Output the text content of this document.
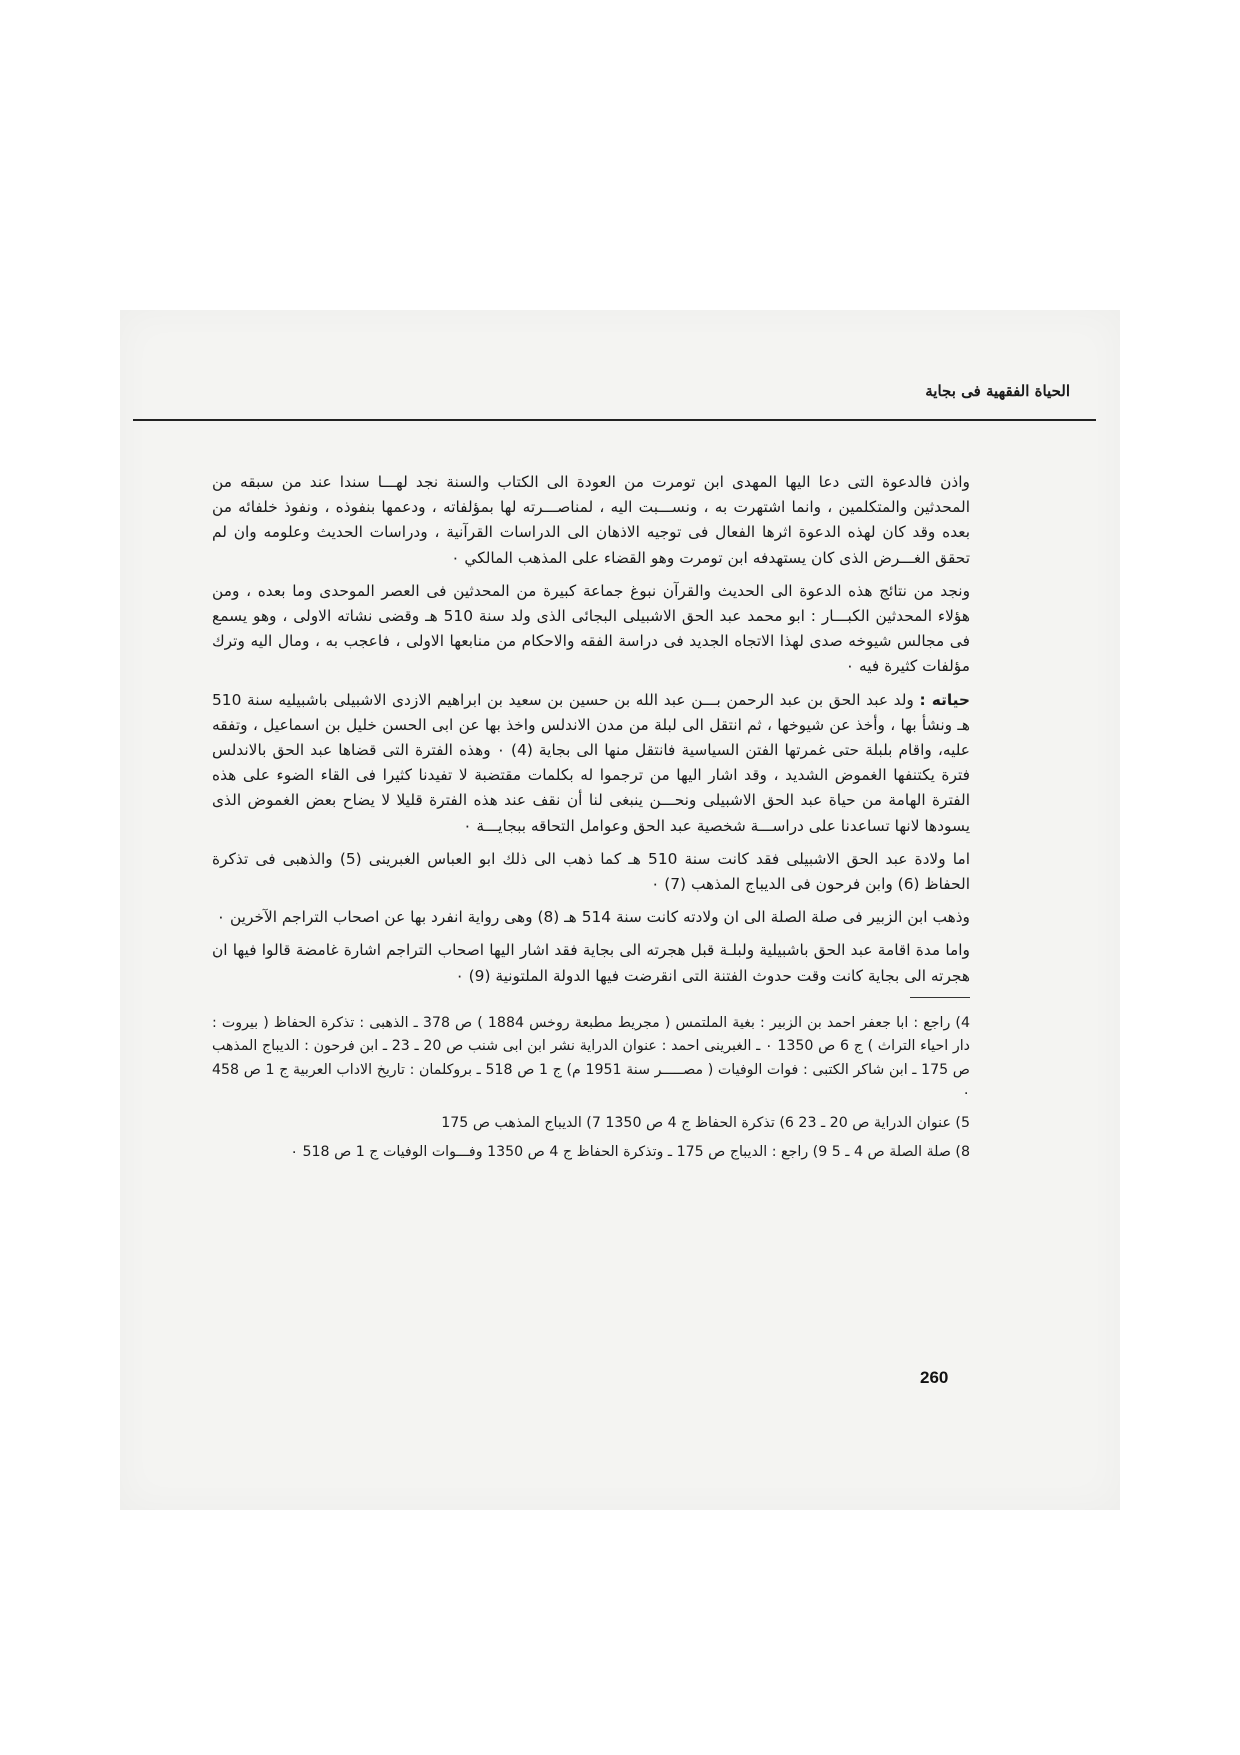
الحياة الفقهية فى بجاية

واذن فالدعوة التى دعا اليها المهدى ابن تومرت من العودة الى الكتاب والسنة نجد لهـــا سندا عند من سبقه من المحدثين والمتكلمين ، وانما اشتهرت به ، ونســـبت اليه ، لمناصـــرته لها بمؤلفاته ، ودعمها بنفوذه ، ونفوذ خلفائه من بعده وقد كان لهذه الدعوة اثرها الفعال فى توجيه الاذهان الى الدراسات القرآنية ، ودراسات الحديث وعلومه وان لم تحقق الغـــرض الذى كان يستهدفه ابن تومرت وهو القضاء على المذهب المالكي ٠

ونجد من نتائج هذه الدعوة الى الحديث والقرآن نبوغ جماعة كبيرة من المحدثين فى العصر الموحدى وما بعده ، ومن هؤلاء المحدثين الكبـــار : ابو محمد عبد الحق الاشبيلى البجائى الذى ولد سنة 510 هـ وقضى نشاته الاولى ، وهو يسمع فى مجالس شيوخه صدى لهذا الاتجاه الجديد فى دراسة الفقه والاحكام من منابعها الاولى ، فاعجب به ، ومال اليه وترك مؤلفات كثيرة فيه ٠

حياته : ولد عبد الحق بن عبد الرحمن بـــن عبد الله بن حسين بن سعيد بن ابراهيم الازدى الاشبيلى باشبيليه سنة 510 هـ ونشأ بها ، وأخذ عن شيوخها ، ثم انتقل الى لبلة من مدن الاندلس واخذ بها عن ابى الحسن خليل بن اسماعيل ، وتفقه عليه، واقام بلبلة حتى غمرتها الفتن السياسية فانتقل منها الى بجاية (4) ٠ وهذه الفترة التى قضاها عبد الحق بالاندلس فترة يكتنفها الغموض الشديد ، وقد اشار اليها من ترجموا له بكلمات مقتضبة لا تفيدنا كثيرا فى القاء الضوء على هذه الفترة الهامة من حياة عبد الحق الاشبيلى ونحـــن ينبغى لنا أن نقف عند هذه الفترة قليلا لا يضاح بعض الغموض الذى يسودها لانها تساعدنا على دراســـة شخصية عبد الحق وعوامل التحاقه ببجايـــة ٠

اما ولادة عبد الحق الاشبيلى فقد كانت سنة 510 هـ كما ذهب الى ذلك ابو العباس الغبرينى (5) والذهبى فى تذكرة الحفاظ (6) وابن فرحون فى الديباج المذهب (7) ٠

وذهب ابن الزبير فى صلة الصلة الى ان ولادته كانت سنة 514 هـ (8) وهى رواية انفرد بها عن اصحاب التراجم الآخرين ٠

واما مدة اقامة عبد الحق باشبيلية ولبلـة قبل هجرته الى بجاية فقد اشار اليها اصحاب التراجم اشارة غامضة قالوا فيها ان هجرته الى بجاية كانت وقت حدوث الفتنة التى انقرضت فيها الدولة الملتونية (9) ٠

4) راجع : ابا جعفر احمد بن الزبير : بغية الملتمس ( مجريط مطبعة روخس 1884 ) ص 378 ـ الذهبى : تذكرة الحفاظ ( بيروت : دار احياء التراث ) ج 6 ص 1350 ٠ ـ الغبرينى احمد : عنوان الدراية نشر ابن ابى شنب ص 20 ـ 23 ـ ابن فرحون : الديباج المذهب ص 175 ـ ابن شاكر الكتبى : فوات الوفيات ( مصـــــر سنة 1951 م) ج 1 ص 518 ـ بروكلمان : تاريخ الاداب العربية ج 1 ص 458 ٠

5) عنوان الدراية ص 20 ـ 23 6) تذكرة الحفاظ ج 4 ص 1350 7) الديباج المذهب ص 175

8) صلة الصلة ص 4 ـ 5 9) راجع : الديباج ص 175 ـ وتذكرة الحفاظ ج 4 ص 1350 وفـــوات الوفيات ج 1 ص 518 ٠

260
